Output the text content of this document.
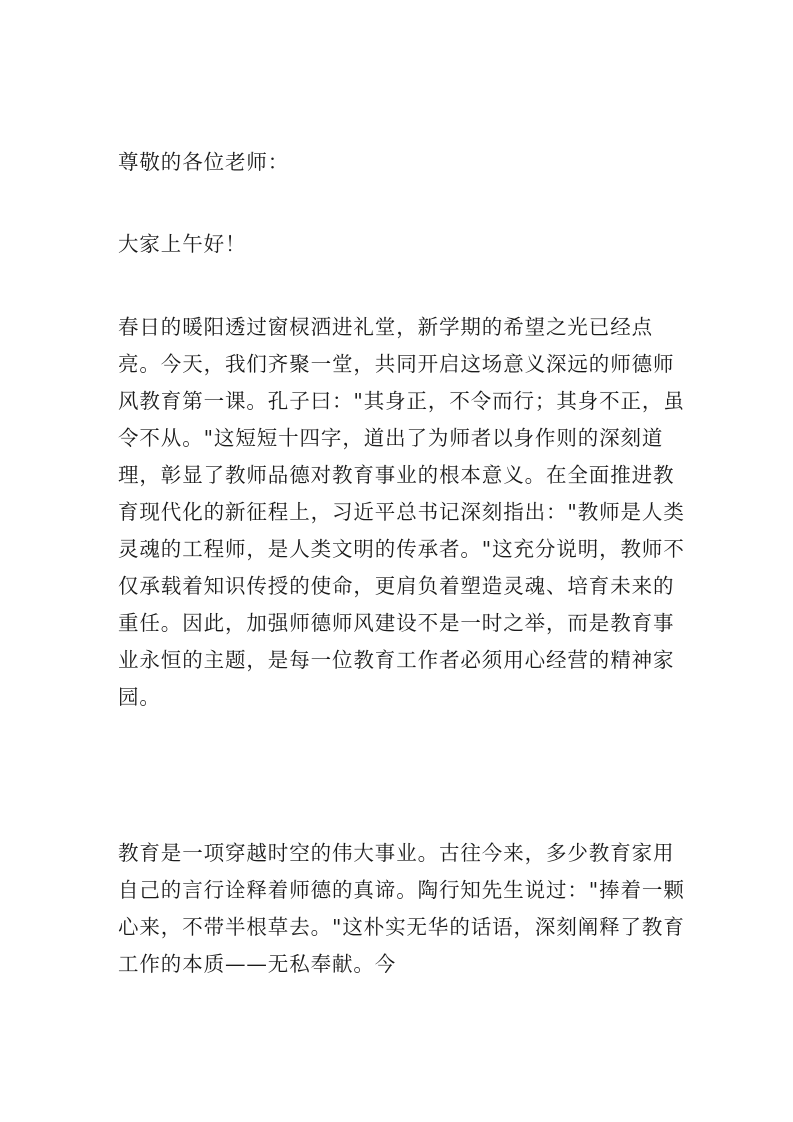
尊敬的各位老师：

大家上午好！

春日的暖阳透过窗棂洒进礼堂，新学期的希望之光已经点亮。今天，我们齐聚一堂，共同开启这场意义深远的师德师风教育第一课。孔子曰："其身正，不令而行；其身不正，虽令不从。"这短短十四字，道出了为师者以身作则的深刻道理，彰显了教师品德对教育事业的根本意义。在全面推进教育现代化的新征程上，习近平总书记深刻指出："教师是人类灵魂的工程师，是人类文明的传承者。"这充分说明，教师不仅承载着知识传授的使命，更肩负着塑造灵魂、培育未来的重任。因此，加强师德师风建设不是一时之举，而是教育事业永恒的主题，是每一位教育工作者必须用心经营的精神家园。

教育是一项穿越时空的伟大事业。古往今来，多少教育家用自己的言行诠释着师德的真谛。陶行知先生说过："捧着一颗心来，不带半根草去。"这朴实无华的话语，深刻阐释了教育工作的本质——无私奉献。今
